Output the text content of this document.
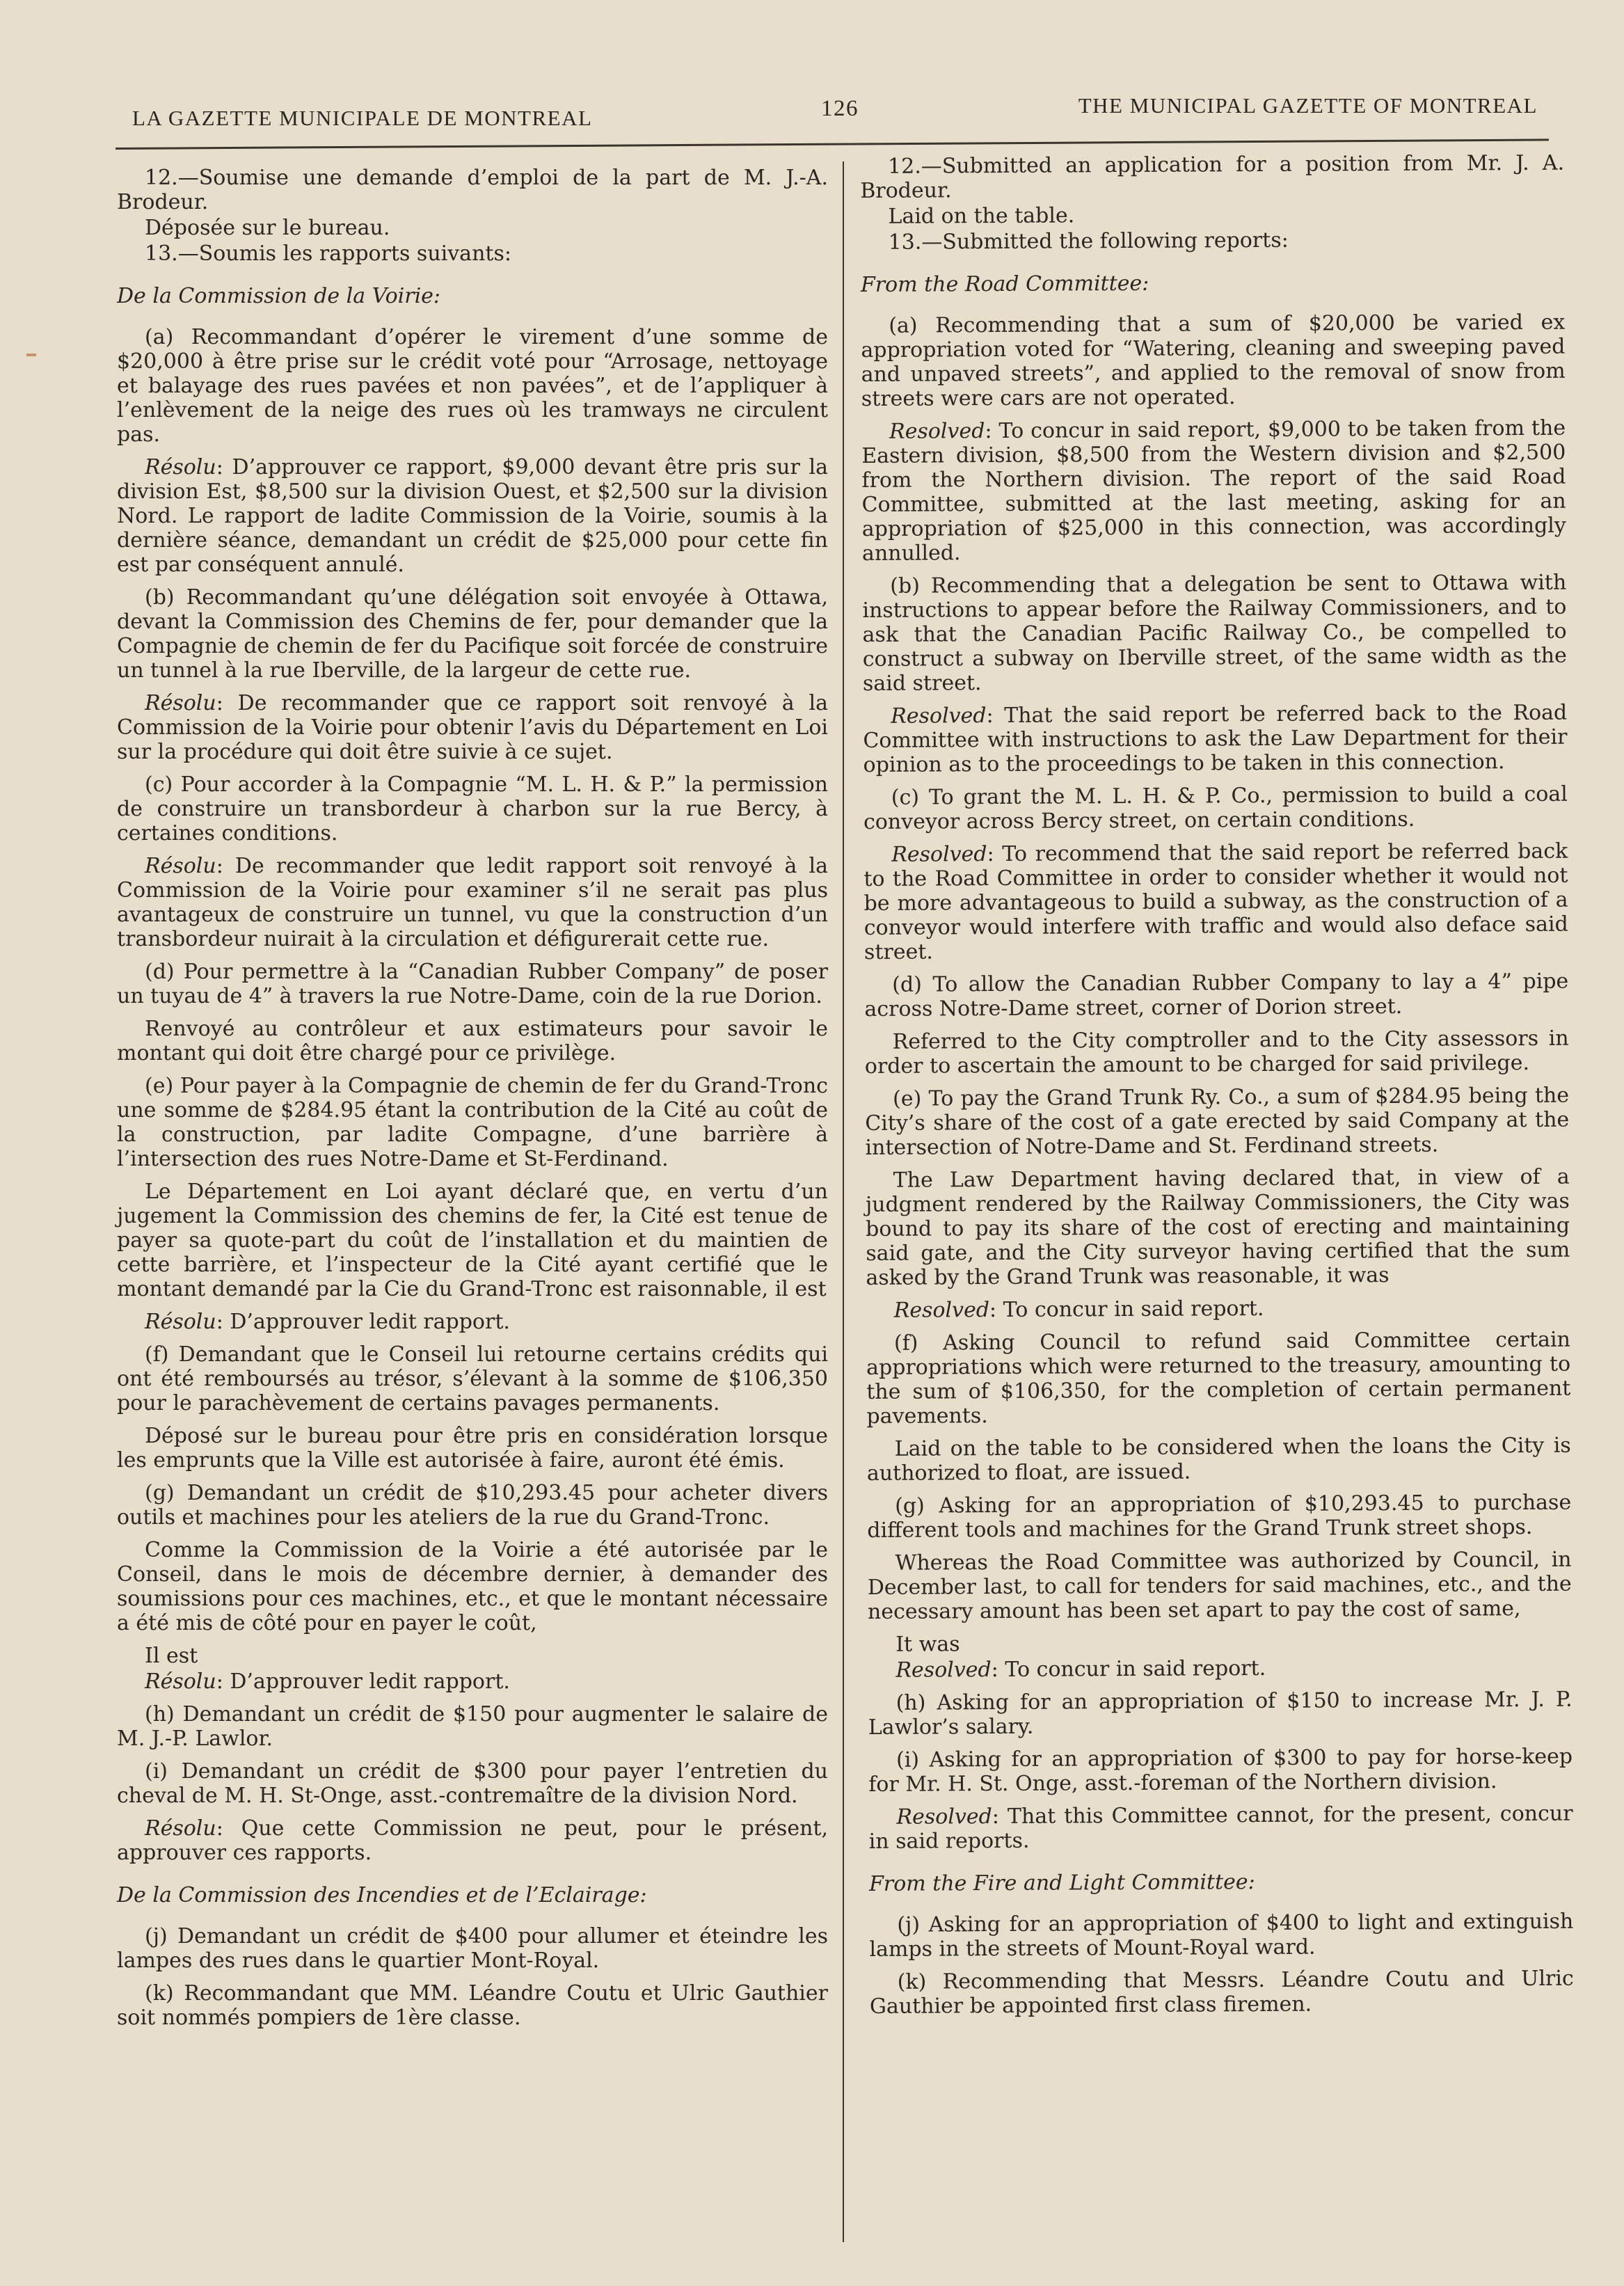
LA GAZETTE MUNICIPALE DE MONTREAL	126	THE MUNICIPAL GAZETTE OF MONTREAL

12.—Soumise une demande d’emploi de la part de M. J.-A. Brodeur.

Déposée sur le bureau.

13.—Soumis les rapports suivants:

De la Commission de la Voirie:

(a) Recommandant d’opérer le virement d’une somme de $20,000 à être prise sur le crédit voté pour “Arrosage, nettoyage et balayage des rues pavées et non pavées”, et de l’appliquer à l’enlèvement de la neige des rues où les tramways ne circulent pas.

Résolu: D’approuver ce rapport, $9,000 devant être pris sur la division Est, $8,500 sur la division Ouest, et $2,500 sur la division Nord. Le rapport de ladite Commission de la Voirie, soumis à la dernière séance, demandant un crédit de $25,000 pour cette fin est par conséquent annulé.

(b) Recommandant qu’une délégation soit envoyée à Ottawa, devant la Commission des Chemins de fer, pour demander que la Compagnie de chemin de fer du Pacifique soit forcée de construire un tunnel à la rue Iberville, de la largeur de cette rue.

Résolu: De recommander que ce rapport soit renvoyé à la Commission de la Voirie pour obtenir l’avis du Département en Loi sur la procédure qui doit être suivie à ce sujet.

(c) Pour accorder à la Compagnie “M. L. H. & P.” la permission de construire un transbordeur à charbon sur la rue Bercy, à certaines conditions.

Résolu: De recommander que ledit rapport soit renvoyé à la Commission de la Voirie pour examiner s’il ne serait pas plus avantageux de construire un tunnel, vu que la construction d’un transbordeur nuirait à la circulation et défigurerait cette rue.

(d) Pour permettre à la “Canadian Rubber Company” de poser un tuyau de 4” à travers la rue Notre-Dame, coin de la rue Dorion.

Renvoyé au contrôleur et aux estimateurs pour savoir le montant qui doit être chargé pour ce privilège.

(e) Pour payer à la Compagnie de chemin de fer du Grand-Tronc une somme de $284.95 étant la contribution de la Cité au coût de la construction, par ladite Compagne, d’une barrière à l’intersection des rues Notre-Dame et St-Ferdinand.

Le Département en Loi ayant déclaré que, en vertu d’un jugement la Commission des chemins de fer, la Cité est tenue de payer sa quote-part du coût de l’installation et du maintien de cette barrière, et l’inspecteur de la Cité ayant certifié que le montant demandé par la Cie du Grand-Tronc est raisonnable, il est

Résolu: D’approuver ledit rapport.

(f) Demandant que le Conseil lui retourne certains crédits qui ont été remboursés au trésor, s’élevant à la somme de $106,350 pour le parachèvement de certains pavages permanents.

Déposé sur le bureau pour être pris en considération lorsque les emprunts que la Ville est autorisée à faire, auront été émis.

(g) Demandant un crédit de $10,293.45 pour acheter divers outils et machines pour les ateliers de la rue du Grand-Tronc.

Comme la Commission de la Voirie a été autorisée par le Conseil, dans le mois de décembre dernier, à demander des soumissions pour ces machines, etc., et que le montant nécessaire a été mis de côté pour en payer le coût,

Il est

Résolu: D’approuver ledit rapport.

(h) Demandant un crédit de $150 pour augmenter le salaire de M. J.-P. Lawlor.

(i) Demandant un crédit de $300 pour payer l’entretien du cheval de M. H. St-Onge, asst.-contremaître de la division Nord.

Résolu: Que cette Commission ne peut, pour le présent, approuver ces rapports.

De la Commission des Incendies et de l’Eclairage:

(j) Demandant un crédit de $400 pour allumer et éteindre les lampes des rues dans le quartier Mont-Royal.

(k) Recommandant que MM. Léandre Coutu et Ulric Gauthier soit nommés pompiers de 1ère classe.

12.—Submitted an application for a position from Mr. J. A. Brodeur.

Laid on the table.

13.—Submitted the following reports:

From the Road Committee:

(a) Recommending that a sum of $20,000 be varied ex appropriation voted for “Watering, cleaning and sweeping paved and unpaved streets”, and applied to the removal of snow from streets were cars are not operated.

Resolved: To concur in said report, $9,000 to be taken from the Eastern division, $8,500 from the Western division and $2,500 from the Northern division. The report of the said Road Committee, submitted at the last meeting, asking for an appropriation of $25,000 in this connection, was accordingly annulled.

(b) Recommending that a delegation be sent to Ottawa with instructions to appear before the Railway Commissioners, and to ask that the Canadian Pacific Railway Co., be compelled to construct a subway on Iberville street, of the same width as the said street.

Resolved: That the said report be referred back to the Road Committee with instructions to ask the Law Department for their opinion as to the proceedings to be taken in this connection.

(c) To grant the M. L. H. & P. Co., permission to build a coal conveyor across Bercy street, on certain conditions.

Resolved: To recommend that the said report be referred back to the Road Committee in order to consider whether it would not be more advantageous to build a subway, as the construction of a conveyor would interfere with traffic and would also deface said street.

(d) To allow the Canadian Rubber Company to lay a 4” pipe across Notre-Dame street, corner of Dorion street.

Referred to the City comptroller and to the City assessors in order to ascertain the amount to be charged for said privilege.

(e) To pay the Grand Trunk Ry. Co., a sum of $284.95 being the City’s share of the cost of a gate erected by said Company at the intersection of Notre-Dame and St. Ferdinand streets.

The Law Department having declared that, in view of a judgment rendered by the Railway Commissioners, the City was bound to pay its share of the cost of erecting and maintaining said gate, and the City surveyor having certified that the sum asked by the Grand Trunk was reasonable, it was

Resolved: To concur in said report.

(f) Asking Council to refund said Committee certain appropriations which were returned to the treasury, amounting to the sum of $106,350, for the completion of certain permanent pavements.

Laid on the table to be considered when the loans the City is authorized to float, are issued.

(g) Asking for an appropriation of $10,293.45 to purchase different tools and machines for the Grand Trunk street shops.

Whereas the Road Committee was authorized by Council, in December last, to call for tenders for said machines, etc., and the necessary amount has been set apart to pay the cost of same,

It was

Resolved: To concur in said report.

(h) Asking for an appropriation of $150 to increase Mr. J. P. Lawlor’s salary.

(i) Asking for an appropriation of $300 to pay for horse-keep for Mr. H. St. Onge, asst.-foreman of the Northern division.

Resolved: That this Committee cannot, for the present, concur in said reports.

From the Fire and Light Committee:

(j) Asking for an appropriation of $400 to light and extinguish lamps in the streets of Mount-Royal ward.

(k) Recommending that Messrs. Léandre Coutu and Ulric Gauthier be appointed first class firemen.
